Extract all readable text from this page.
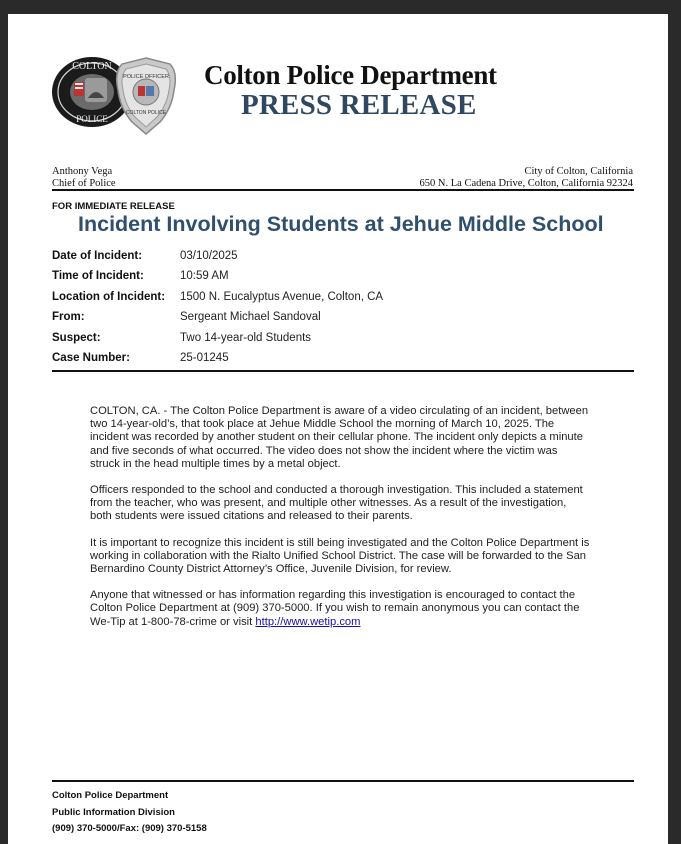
COLTON
POLICE
POLICE OFFICER
COLTON POLICE
Colton Police Department
PRESS RELEASE
Anthony Vega
Chief of Police
City of Colton, California
650 N. La Cadena Drive, Colton, California 92324
FOR IMMEDIATE RELEASE
Incident Involving Students at Jehue Middle School
Date of Incident:	03/10/2025
Time of Incident:	10:59 AM
Location of Incident: 1500 N. Eucalyptus Avenue, Colton, CA
From:	Sergeant Michael Sandoval
Suspect:	Two 14-year-old Students
Case Number:	25-01245

COLTON, CA. - The Colton Police Department is aware of a video circulating of an incident, between two 14-year-old’s, that took place at Jehue Middle School the morning of March 10, 2025. The incident was recorded by another student on their cellular phone. The incident only depicts a minute and five seconds of what occurred. The video does not show the incident where the victim was struck in the head multiple times by a metal object.

Officers responded to the school and conducted a thorough investigation. This included a statement from the teacher, who was present, and multiple other witnesses. As a result of the investigation, both students were issued citations and released to their parents.

It is important to recognize this incident is still being investigated and the Colton Police Department is working in collaboration with the Rialto Unified School District. The case will be forwarded to the San Bernardino County District Attorney’s Office, Juvenile Division, for review.

Anyone that witnessed or has information regarding this investigation is encouraged to contact the Colton Police Department at (909) 370-5000. If you wish to remain anonymous you can contact the We-Tip at 1-800-78-crime or visit http://www.wetip.com

Colton Police Department
Public Information Division
(909) 370-5000/Fax: (909) 370-5158
